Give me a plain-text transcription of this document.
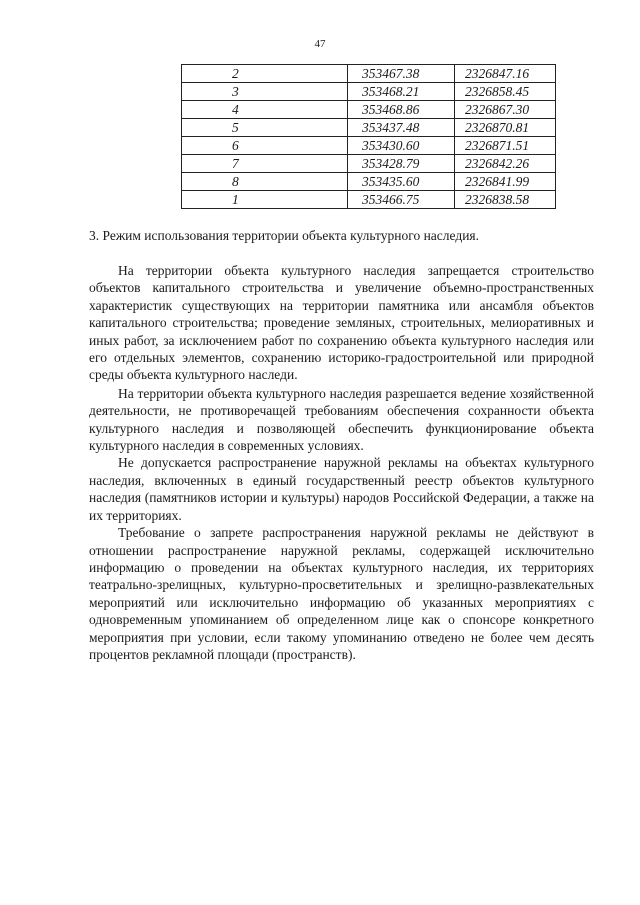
47
2	353467.38	2326847.16
3	353468.21	2326858.45
4	353468.86	2326867.30
5	353437.48	2326870.81
6	353430.60	2326871.51
7	353428.79	2326842.26
8	353435.60	2326841.99
1	353466.75	2326838.58

3. Режим использования территории объекта культурного наследия.

На территории объекта культурного наследия запрещается строительство объектов капитального строительства и увеличение объемно-пространственных характеристик существующих на территории памятника или ансамбля объектов капитального строительства; проведение земляных, строительных, мелиоративных и иных работ, за исключением работ по сохранению объекта культурного наследия или его отдельных элементов, сохранению историко-градостроительной или природной среды объекта культурного наследи.

На территории объекта культурного наследия разрешается ведение хозяйственной деятельности, не противоречащей требованиям обеспечения сохранности объекта культурного наследия и позволяющей обеспечить функционирование объекта культурного наследия в современных условиях.

Не допускается распространение наружной рекламы на объектах культурного наследия, включенных в единый государственный реестр объектов культурного наследия (памятников истории и культуры) народов Российской Федерации, а также на их территориях.

Требование о запрете распространения наружной рекламы не действуют в отношении распространение наружной рекламы, содержащей исключительно информацию о проведении на объектах культурного наследия, их территориях театрально-зрелищных, культурно-просветительных и зрелищно-развлекательных мероприятий или исключительно информацию об указанных мероприятиях с одновременным упоминанием об определенном лице как о спонсоре конкретного мероприятия при условии, если такому упоминанию отведено не более чем десять процентов рекламной площади (пространств).
